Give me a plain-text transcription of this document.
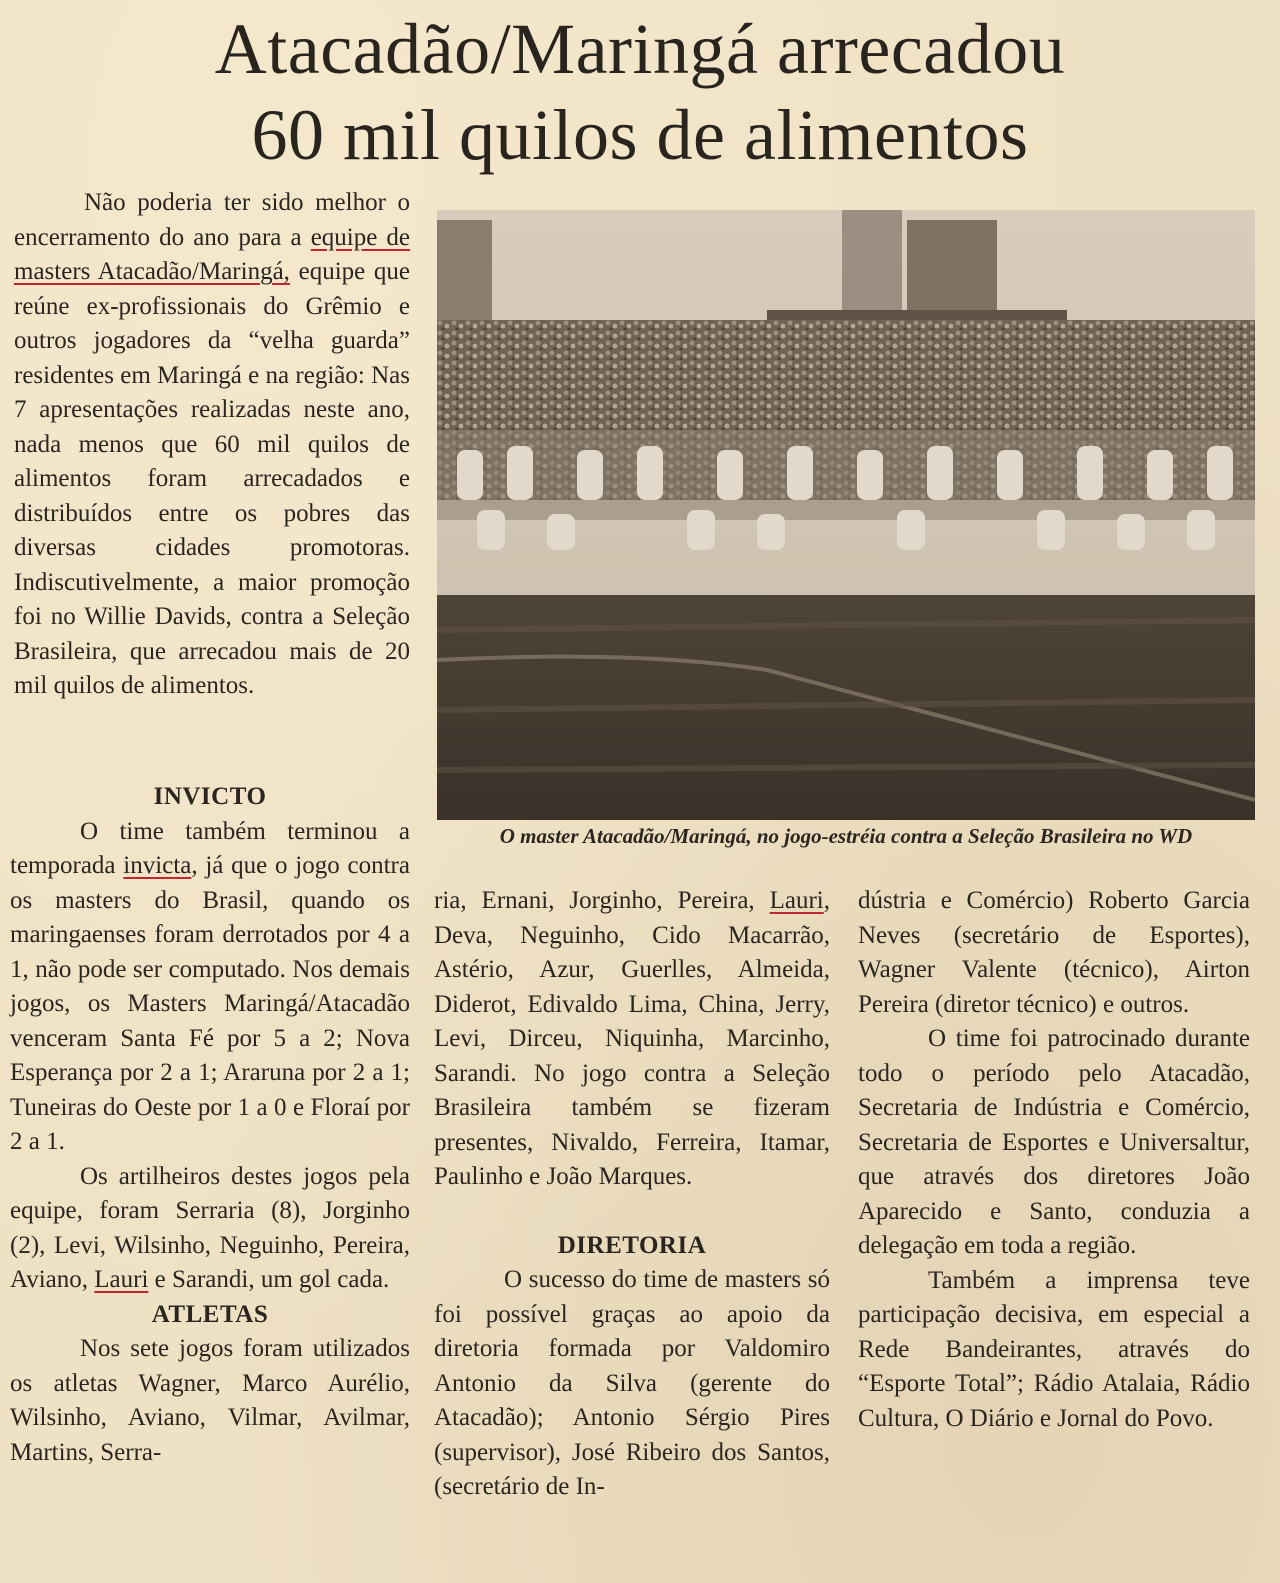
Atacadão/Maringá arrecadou
60 mil quilos de alimentos

Não poderia ter sido melhor o encerramento do ano para a equipe de masters Atacadão/Maringá, equipe que reúne ex-profissionais do Grêmio e outros jogadores da “velha guarda” residentes em Maringá e na região: Nas 7 apresentações realizadas neste ano, nada menos que 60 mil quilos de alimentos foram arrecadados e distribuídos entre os pobres das diversas cidades promotoras. Indiscutivelmente, a maior promoção foi no Willie Davids, contra a Seleção Brasileira, que arrecadou mais de 20 mil quilos de alimentos.

O master Atacadão/Maringá, no jogo-estréia contra a Seleção Brasileira no WD
INVICTO

O time também terminou a temporada invicta, já que o jogo contra os masters do Brasil, quando os maringaenses foram derrotados por 4 a 1, não pode ser computado. Nos demais jogos, os Masters Maringá/Atacadão venceram Santa Fé por 5 a 2; Nova Esperança por 2 a 1; Araruna por 2 a 1; Tuneiras do Oeste por 1 a 0 e Floraí por 2 a 1.

Os artilheiros destes jogos pela equipe, foram Serraria (8), Jorginho (2), Levi, Wilsinho, Neguinho, Pereira, Aviano, Lauri e Sarandi, um gol cada.

ATLETAS

Nos sete jogos foram utilizados os atletas Wagner, Marco Aurélio, Wilsinho, Aviano, Vilmar, Avilmar, Martins, Serra-

ria, Ernani, Jorginho, Pereira, Lauri, Deva, Neguinho, Cido Macarrão, Astério, Azur, Guerlles, Almeida, Diderot, Edivaldo Lima, China, Jerry, Levi, Dirceu, Niquinha, Marcinho, Sarandi. No jogo contra a Seleção Brasileira também se fizeram presentes, Nivaldo, Ferreira, Itamar, Paulinho e João Marques.

DIRETORIA

O sucesso do time de masters só foi possível graças ao apoio da diretoria formada por Valdomiro Antonio da Silva (gerente do Atacadão); Antonio Sérgio Pires (supervisor), José Ribeiro dos Santos, (secretário de In-

dústria e Comércio) Roberto Garcia Neves (secretário de Esportes), Wagner Valente (técnico), Airton Pereira (diretor técnico) e outros.

O time foi patrocinado durante todo o período pelo Atacadão, Secretaria de Indústria e Comércio, Secretaria de Esportes e Universaltur, que através dos diretores João Aparecido e Santo, conduzia a delegação em toda a região.

Também a imprensa teve participação decisiva, em especial a Rede Bandeirantes, através do “Esporte Total”; Rádio Atalaia, Rádio Cultura, O Diário e Jornal do Povo.
